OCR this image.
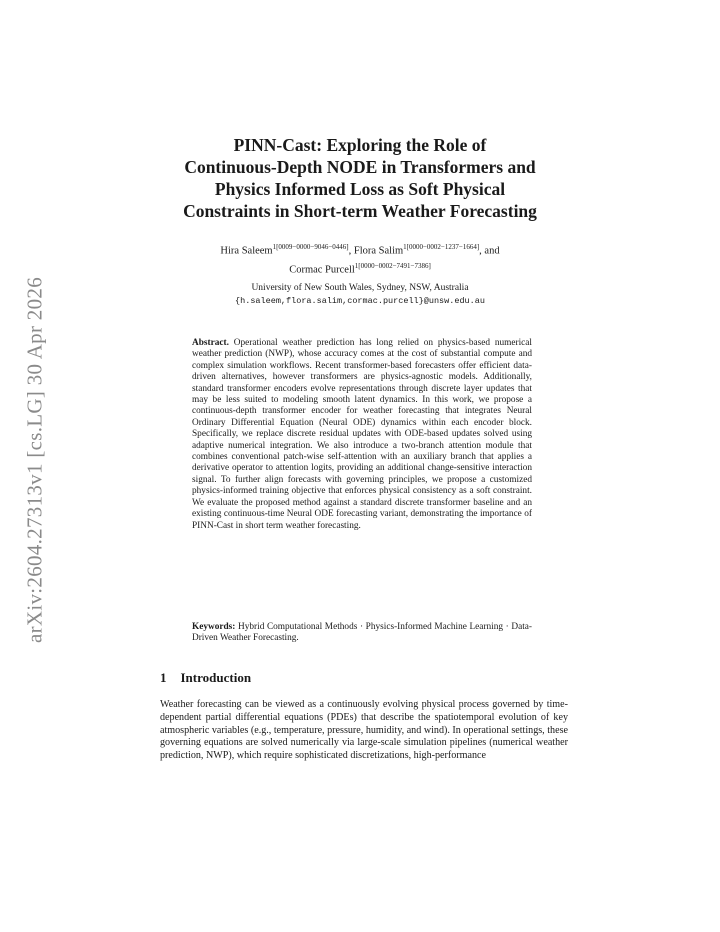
arXiv:2604.27313v1 [cs.LG] 30 Apr 2026
PINN-Cast: Exploring the Role of
Continuous-Depth NODE in Transformers and
Physics Informed Loss as Soft Physical
Constraints in Short-term Weather Forecasting
Hira Saleem$^{1[0009-0000-9046-0446]}$, Flora Salim$^{1[0000-0002-1237-1664]}$, and
Cormac Purcell$^{1[0000-0002-7491-7386]}$
University of New South Wales, Sydney, NSW, Australia
{h.saleem,flora.salim,cormac.purcell}@unsw.edu.au
Abstract. Operational weather prediction has long relied on physics-based numerical weather prediction (NWP), whose accuracy comes at the cost of substantial compute and complex simulation workflows. Recent transformer-based forecasters offer efficient data-driven alternatives, however transformers are physics-agnostic models. Additionally, standard transformer encoders evolve representations through discrete layer updates that may be less suited to modeling smooth latent dynamics. In this work, we propose a continuous-depth transformer encoder for weather forecasting that integrates Neural Ordinary Differential Equation (Neural ODE) dynamics within each encoder block. Specifically, we replace discrete residual updates with ODE-based updates solved using adaptive numerical integration. We also introduce a two-branch attention module that combines conventional patch-wise self-attention with an auxiliary branch that applies a derivative operator to attention logits, providing an additional change-sensitive interaction signal. To further align forecasts with governing principles, we propose a customized physics-informed training objective that enforces physical consistency as a soft constraint. We evaluate the proposed method against a standard discrete transformer baseline and an existing continuous-time Neural ODE forecasting variant, demonstrating the importance of PINN-Cast in short term weather forecasting.
Keywords: Hybrid Computational Methods · Physics-Informed Machine Learning · Data-Driven Weather Forecasting.
1 Introduction
Weather forecasting can be viewed as a continuously evolving physical process governed by time-dependent partial differential equations (PDEs) that describe the spatiotemporal evolution of key atmospheric variables (e.g., temperature, pressure, humidity, and wind). In operational settings, these governing equations are solved numerically via large-scale simulation pipelines (numerical weather prediction, NWP), which require sophisticated discretizations, high-performance
